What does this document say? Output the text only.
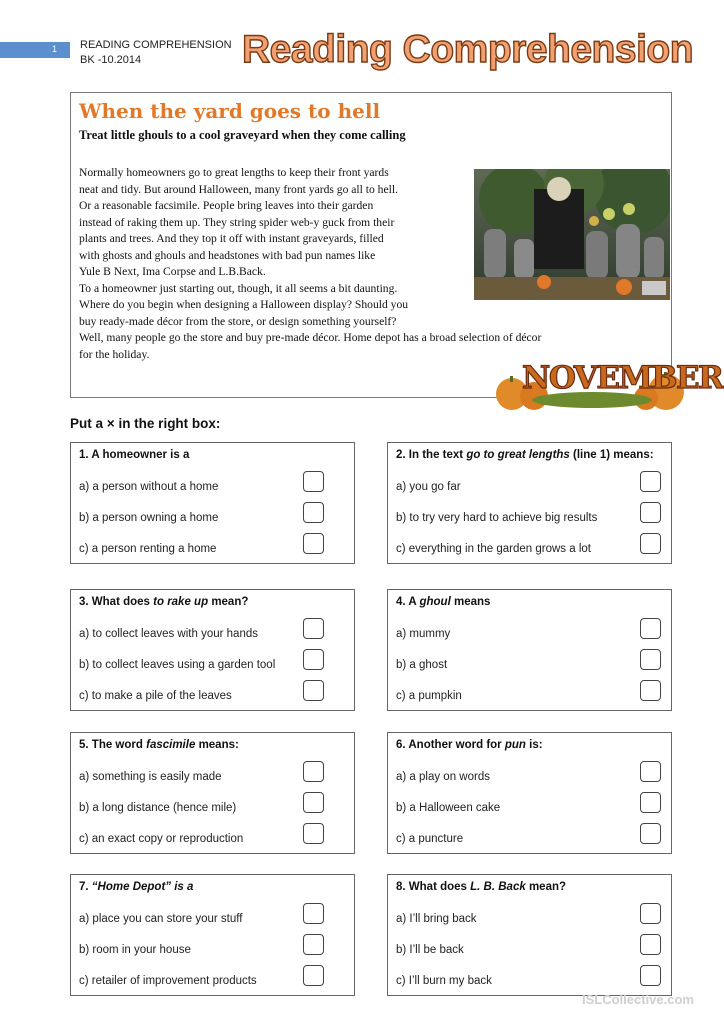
1 READING COMPREHENSION
BK -10.2014	Reading Comprehension
When the yard goes to hell
Treat little ghouls to a cool graveyard when they come calling

Normally homeowners go to great lengths to keep their front yards

neat and tidy. But around Halloween, many front yards go all to hell.

Or a reasonable facsimile. People bring leaves into their garden

instead of raking them up. They string spider web-y guck from their

plants and trees. And they top it off with instant graveyards, filled

with ghosts and ghouls and headstones with bad pun names like

Yule B Next, Ima Corpse and L.B.Back.

To a homeowner just starting out, though, it all seems a bit daunting.

Where do you begin when designing a Halloween display? Should you

buy ready-made décor from the store, or design something yourself?

Well, many people go the store and buy pre-made décor. Home depot has a broad selection of décor

for the holiday.

NOVEMBER
Put a × in the right box:
1. A homeowner is a
a) a person without a home
b) a person owning a home
c) a person renting a home
2. In the text go to great lengths (line 1) means:
a) you go far
b) to try very hard to achieve big results
c) everything in the garden grows a lot
3. What does to rake up mean?
a) to collect leaves with your hands
b) to collect leaves using a garden tool
c) to make a pile of the leaves
4. A ghoul means
a) mummy
b) a ghost
c) a pumpkin
5. The word fascimile means:
a) something is easily made
b) a long distance (hence mile)
c) an exact copy or reproduction
6. Another word for pun is:
a) a play on words
b) a Halloween cake
c) a puncture
7. “Home Depot” is a
a) place you can store your stuff
b) room in your house
c) retailer of improvement products
8. What does L. B. Back mean?
a) I’ll bring back
b) I’ll be back
c) I’ll burn my back
ISLCollective.com
